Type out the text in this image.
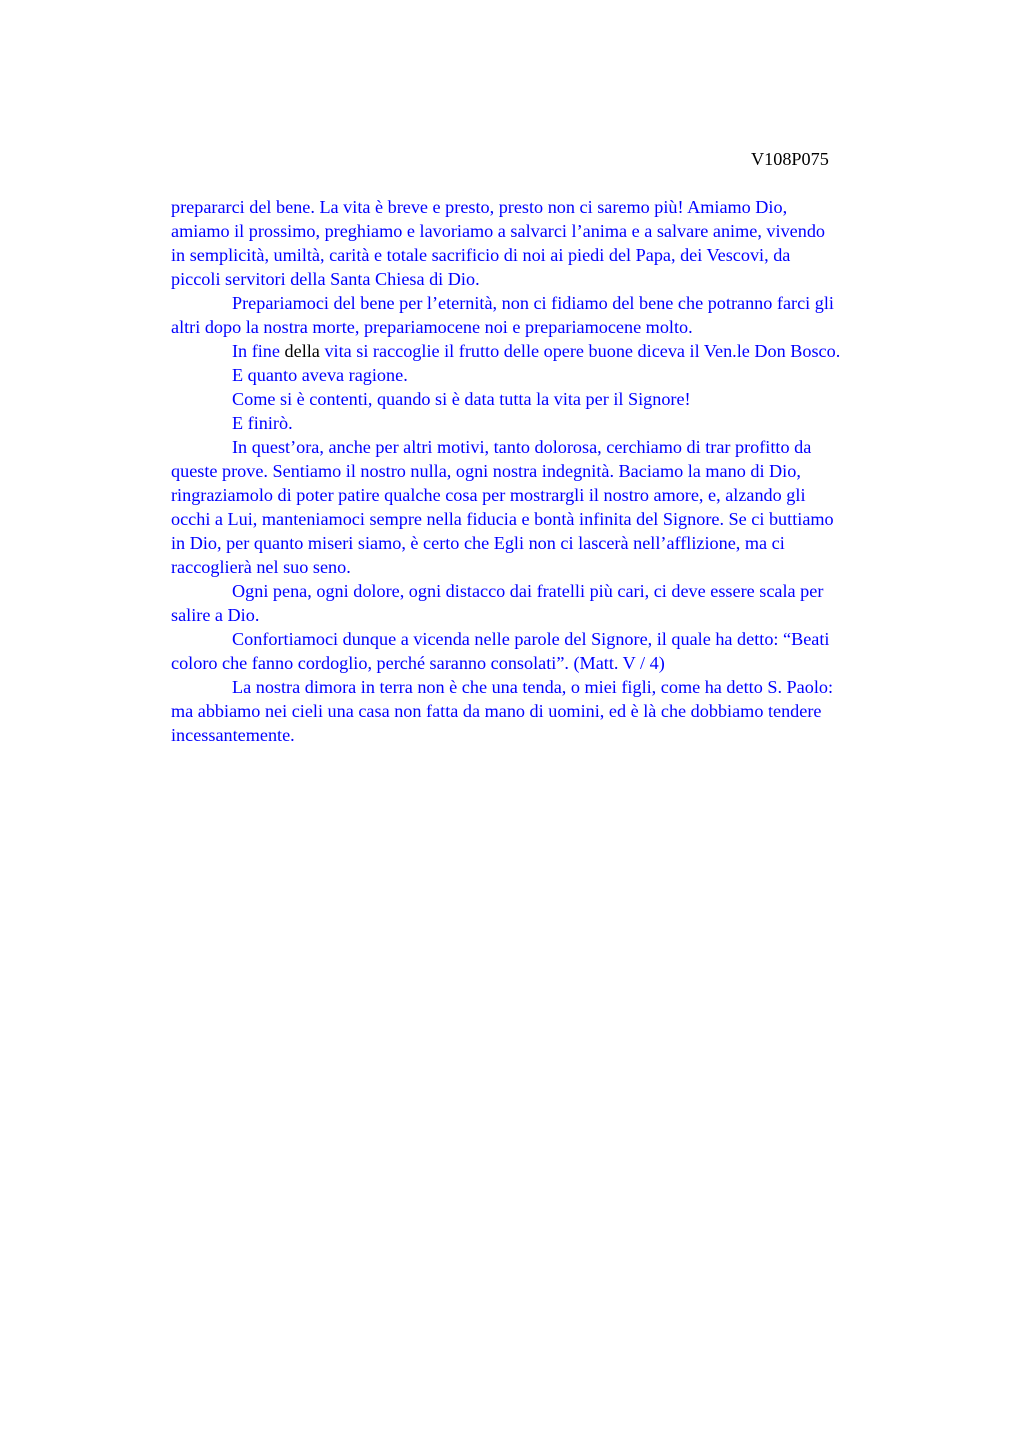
V108P075

prepararci del bene. La vita è breve e presto, presto non ci saremo più! Amiamo Dio,
amiamo il prossimo, preghiamo e lavoriamo a salvarci l’anima e a salvare anime, vivendo
in semplicità, umiltà, carità e totale sacrificio di noi ai piedi del Papa, dei Vescovi, da
piccoli servitori della Santa Chiesa di Dio.

Prepariamoci del bene per l’eternità, non ci fidiamo del bene che potranno farci gli
altri dopo la nostra morte, prepariamocene noi e prepariamocene molto.

In fine della vita si raccoglie il frutto delle opere buone diceva il Ven.le Don Bosco.

E quanto aveva ragione.

Come si è contenti, quando si è data tutta la vita per il Signore!

E finirò.

In quest’ora, anche per altri motivi, tanto dolorosa, cerchiamo di trar profitto da
queste prove. Sentiamo il nostro nulla, ogni nostra indegnità. Baciamo la mano di Dio,
ringraziamolo di poter patire qualche cosa per mostrargli il nostro amore, e, alzando gli
occhi a Lui, manteniamoci sempre nella fiducia e bontà infinita del Signore. Se ci buttiamo
in Dio, per quanto miseri siamo, è certo che Egli non ci lascerà nell’afflizione, ma ci
raccoglierà nel suo seno.

Ogni pena, ogni dolore, ogni distacco dai fratelli più cari, ci deve essere scala per
salire a Dio.

Confortiamoci dunque a vicenda nelle parole del Signore, il quale ha detto: “Beati
coloro che fanno cordoglio, perché saranno consolati”. (Matt. V / 4)

La nostra dimora in terra non è che una tenda, o miei figli, come ha detto S. Paolo:
ma abbiamo nei cieli una casa non fatta da mano di uomini, ed è là che dobbiamo tendere
incessantemente.
